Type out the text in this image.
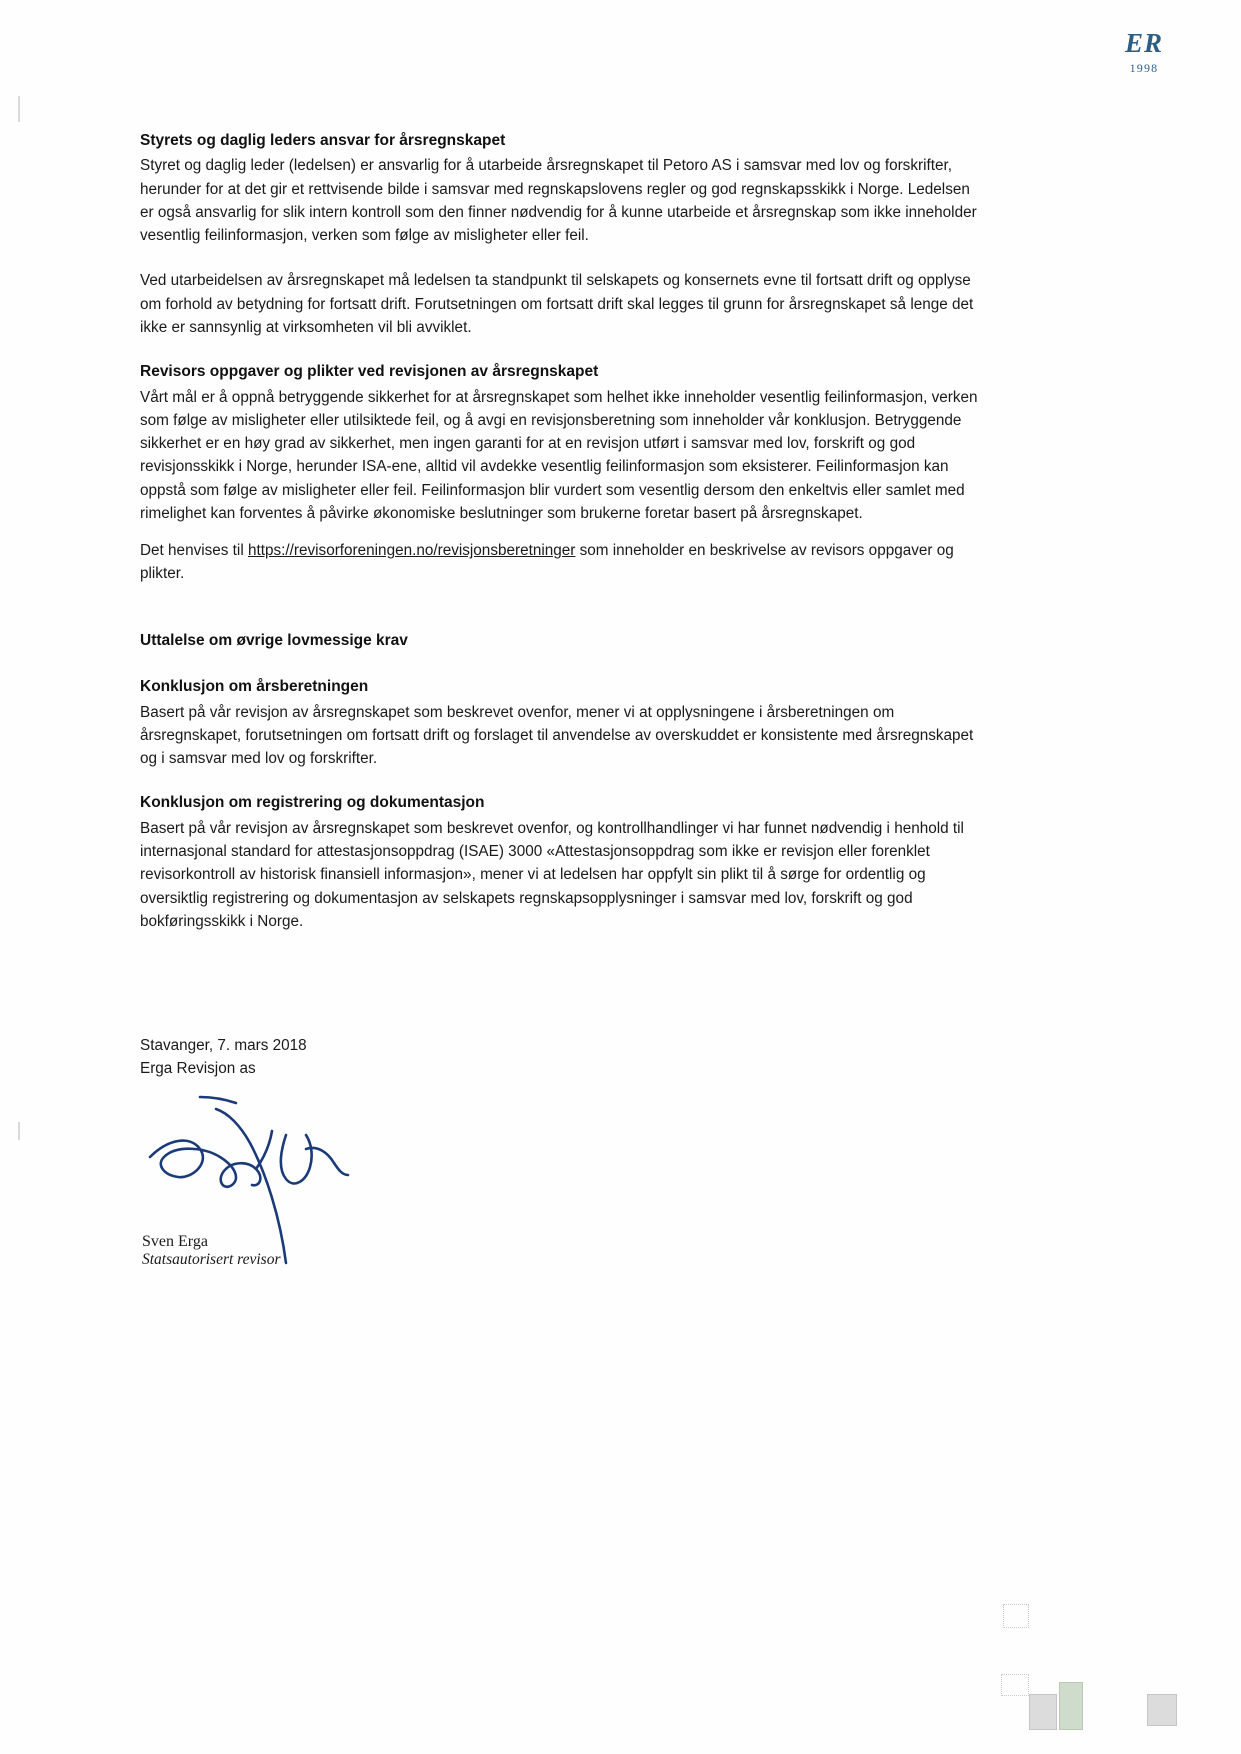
ER
1998
Styrets og daglig leders ansvar for årsregnskapet

Styret og daglig leder (ledelsen) er ansvarlig for å utarbeide årsregnskapet til Petoro AS i samsvar med lov og forskrifter, herunder for at det gir et rettvisende bilde i samsvar med regnskapslovens regler og god regnskapsskikk i Norge. Ledelsen er også ansvarlig for slik intern kontroll som den finner nødvendig for å kunne utarbeide et årsregnskap som ikke inneholder vesentlig feilinformasjon, verken som følge av misligheter eller feil.

Ved utarbeidelsen av årsregnskapet må ledelsen ta standpunkt til selskapets og konsernets evne til fortsatt drift og opplyse om forhold av betydning for fortsatt drift. Forutsetningen om fortsatt drift skal legges til grunn for årsregnskapet så lenge det ikke er sannsynlig at virksomheten vil bli avviklet.

Revisors oppgaver og plikter ved revisjonen av årsregnskapet

Vårt mål er å oppnå betryggende sikkerhet for at årsregnskapet som helhet ikke inneholder vesentlig feilinformasjon, verken som følge av misligheter eller utilsiktede feil, og å avgi en revisjonsberetning som inneholder vår konklusjon. Betryggende sikkerhet er en høy grad av sikkerhet, men ingen garanti for at en revisjon utført i samsvar med lov, forskrift og god revisjonsskikk i Norge, herunder ISA-ene, alltid vil avdekke vesentlig feilinformasjon som eksisterer. Feilinformasjon kan oppstå som følge av misligheter eller feil. Feilinformasjon blir vurdert som vesentlig dersom den enkeltvis eller samlet med rimelighet kan forventes å påvirke økonomiske beslutninger som brukerne foretar basert på årsregnskapet.

Det henvises til https://revisorforeningen.no/revisjonsberetninger som inneholder en beskrivelse av revisors oppgaver og plikter.

Uttalelse om øvrige lovmessige krav
Konklusjon om årsberetningen

Basert på vår revisjon av årsregnskapet som beskrevet ovenfor, mener vi at opplysningene i årsberetningen om årsregnskapet, forutsetningen om fortsatt drift og forslaget til anvendelse av overskuddet er konsistente med årsregnskapet og i samsvar med lov og forskrifter.

Konklusjon om registrering og dokumentasjon

Basert på vår revisjon av årsregnskapet som beskrevet ovenfor, og kontrollhandlinger vi har funnet nødvendig i henhold til internasjonal standard for attestasjonsoppdrag (ISAE) 3000 «Attestasjonsoppdrag som ikke er revisjon eller forenklet revisorkontroll av historisk finansiell informasjon», mener vi at ledelsen har oppfylt sin plikt til å sørge for ordentlig og oversiktlig registrering og dokumentasjon av selskapets regnskapsopplysninger i samsvar med lov, forskrift og god bokføringsskikk i Norge.

Stavanger, 7. mars 2018
Erga Revisjon as
Sven Erga
Statsautorisert revisor
